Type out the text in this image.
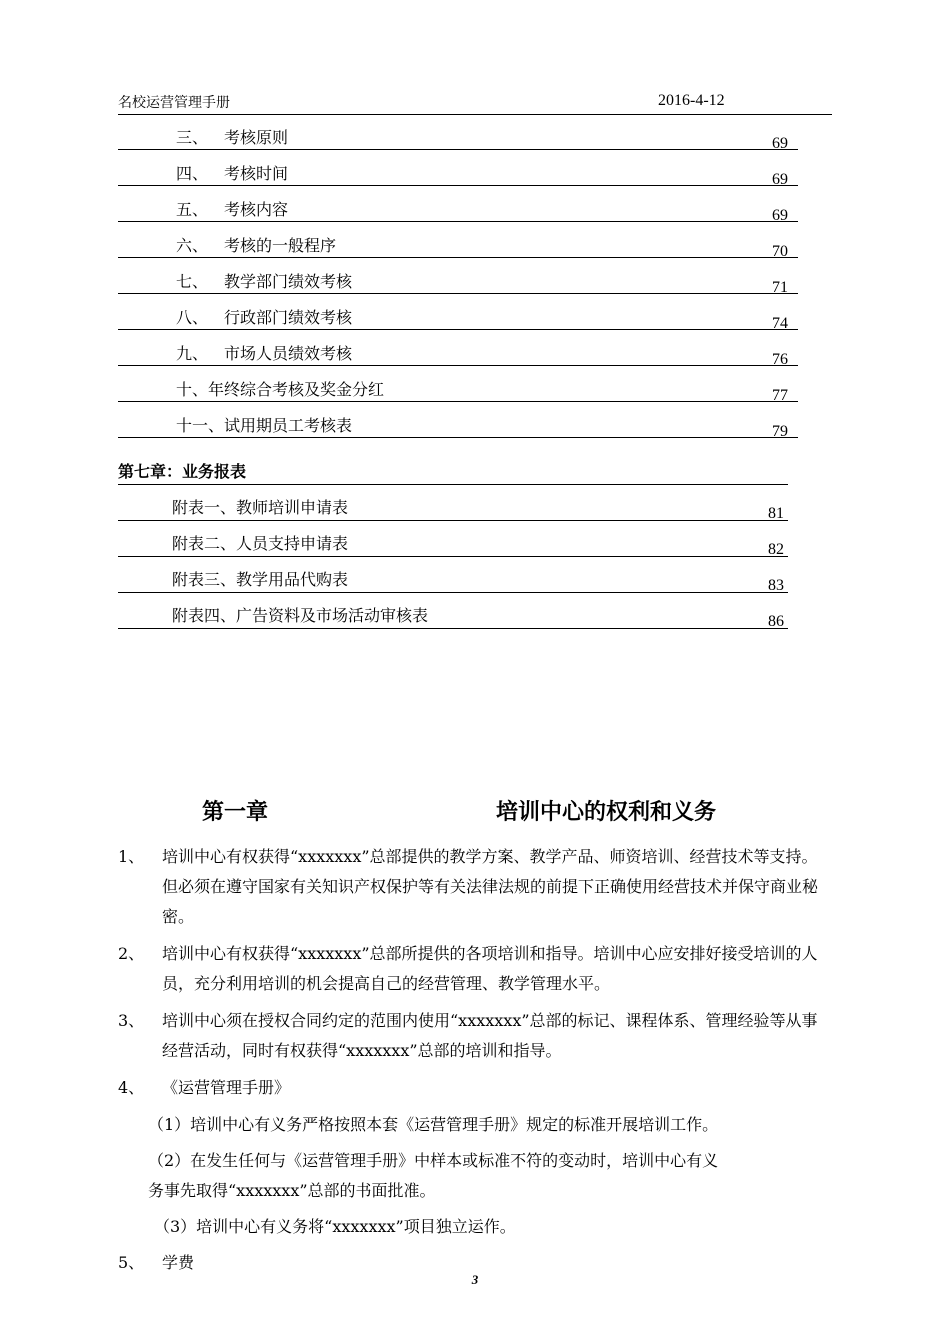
名校运营管理手册	2016-4-12
三、 考核原则	69
四、 考核时间	69
五、 考核内容	69
六、 考核的一般程序	70
七、 教学部门绩效考核	71
八、 行政部门绩效考核	74
九、 市场人员绩效考核	76
十、年终综合考核及奖金分红	77
十一、试用期员工考核表	79
第七章：业务报表
附表一、教师培训申请表	81
附表二、人员支持申请表	82
附表三、教学用品代购表	83
附表四、广告资料及市场活动审核表	86
第一章	培训中心的权利和义务
1、	培训中心有权获得“xxxxxxx”总部提供的教学方案、教学产品、师资培训、经营技术等支持。但必须在遵守国家有关知识产权保护等有关法律法规的前提下正确使用经营技术并保守商业秘密。
2、	培训中心有权获得“xxxxxxx”总部所提供的各项培训和指导。培训中心应安排好接受培训的人员，充分利用培训的机会提高自己的经营管理、教学管理水平。
3、	培训中心须在授权合同约定的范围内使用“xxxxxxx”总部的标记、课程体系、管理经验等从事经营活动，同时有权获得“xxxxxxx”总部的培训和指导。
4、	《运营管理手册》
（1）培训中心有义务严格按照本套《运营管理手册》规定的标准开展培训工作。
（2）在发生任何与《运营管理手册》中样本或标准不符的变动时，培训中心有义
务事先取得“xxxxxxx”总部的书面批准。
（3）培训中心有义务将“xxxxxxx”项目独立运作。
5、	学费
3
